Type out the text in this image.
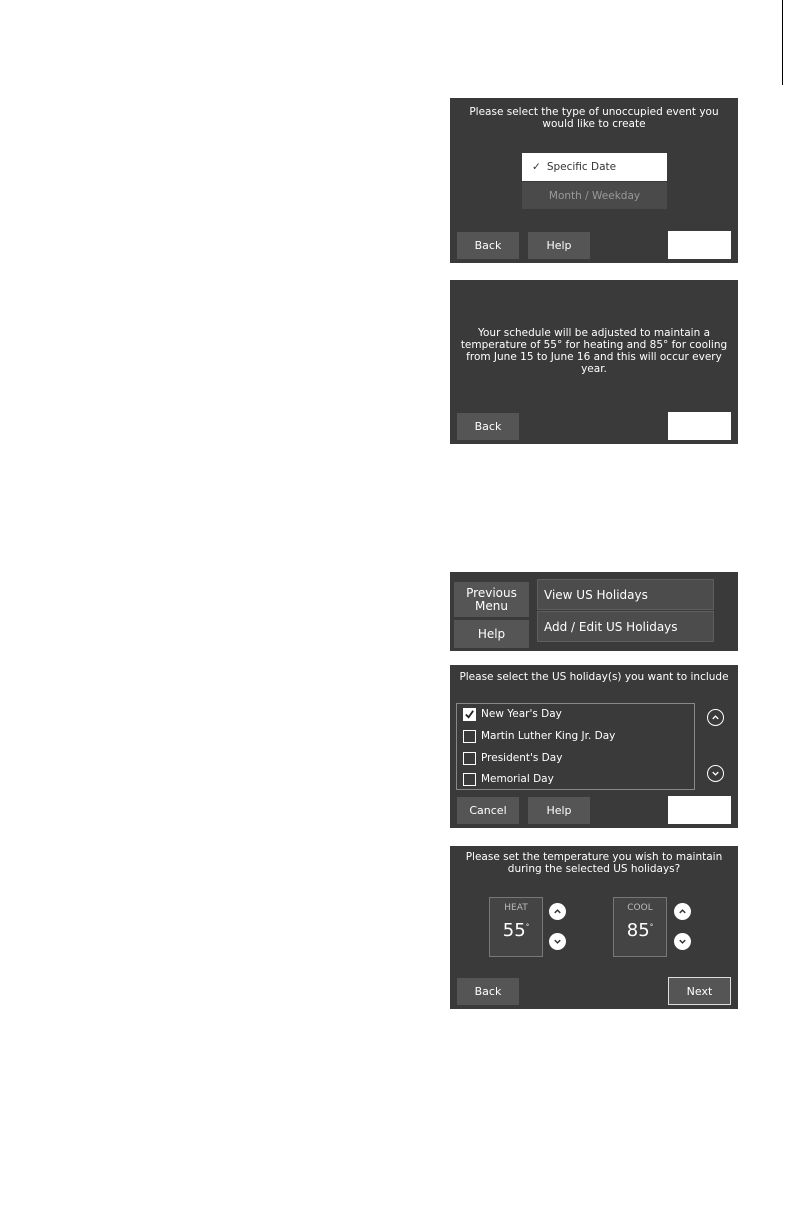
Please select the type of unoccupied event you would like to create
✓ Specific Date
Month / Weekday
Back	Help
Your schedule will be adjusted to maintain a temperature of 55° for heating and 85° for cooling from June 15 to June 16 and this will occur every year.
Back
Previous Menu
Help
View US Holidays
Add / Edit US Holidays
Please select the US holiday(s) you want to include
New Year's Day
Martin Luther King Jr. Day
President's Day
Memorial Day
Cancel	Help
Please set the temperature you wish to maintain during the selected US holidays?
HEAT
55°
COOL
85°
Back	Next
